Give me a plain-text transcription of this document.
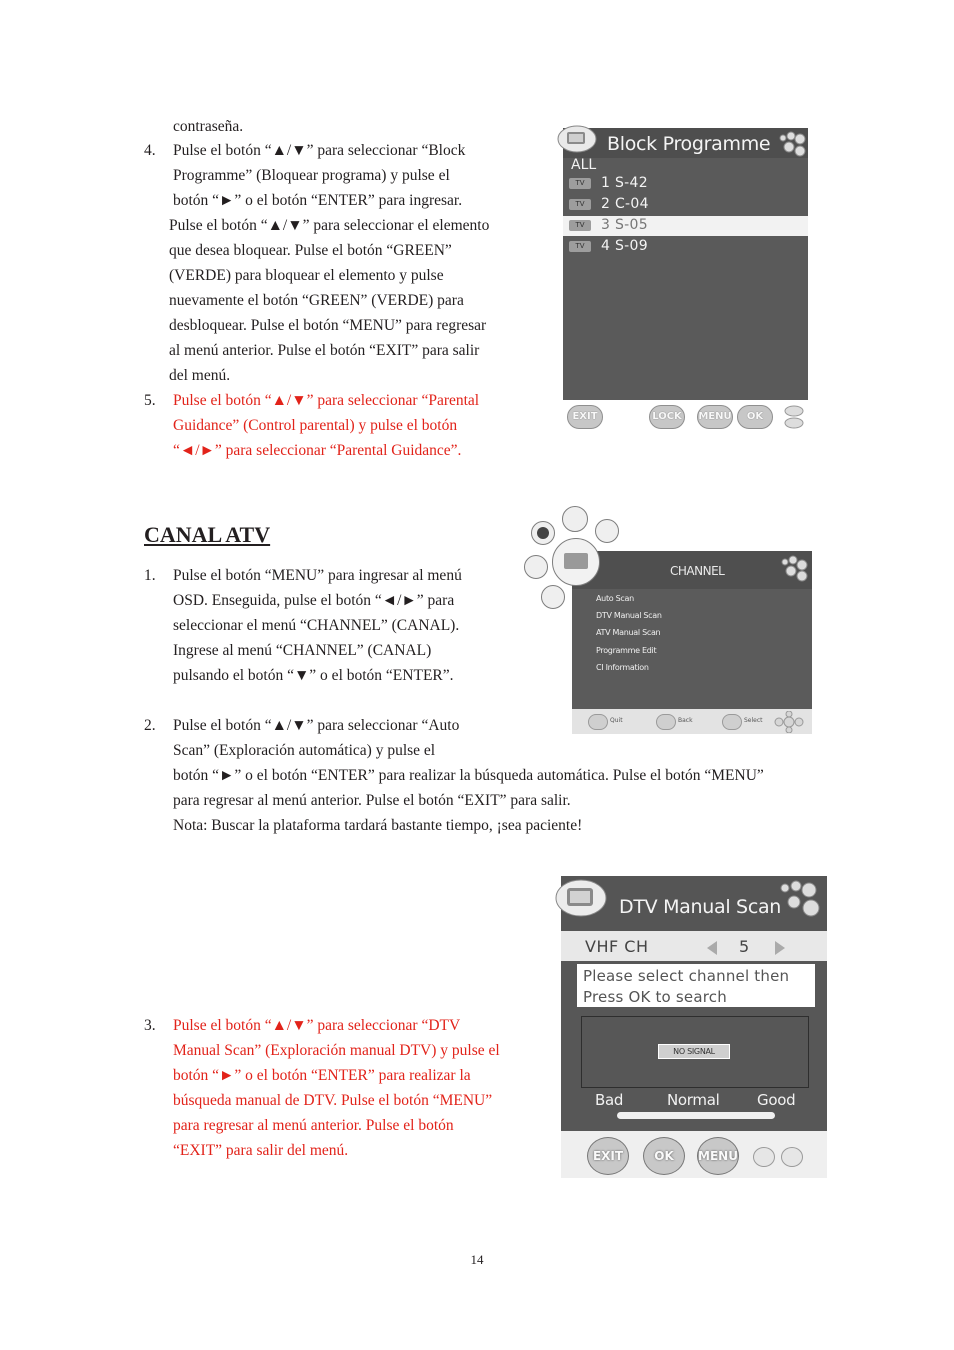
contraseña.
4. Pulse el botón “▲/▼” para seleccionar “Block
Programme” (Bloquear programa) y pulse el
botón “►” o el botón “ENTER” para ingresar.
Pulse el botón “▲/▼” para seleccionar el elemento
que desea bloquear. Pulse el botón “GREEN”
(VERDE) para bloquear el elemento y pulse
nuevamente el botón “GREEN” (VERDE) para
desbloquear. Pulse el botón “MENU” para regresar
al menú anterior. Pulse el botón “EXIT” para salir
del menú.
5. Pulse el botón “▲/▼” para seleccionar “Parental
Guidance” (Control parental) y pulse el botón
“◄/►” para seleccionar “Parental Guidance”.
Block Programme
ALL
TV	1 S-42
TV	2 C-04
TV	3 S-05
TV	4 S-09
EXIT	LOCK	MENU	OK
CANAL ATV
1. Pulse el botón “MENU” para ingresar al menú
OSD. Enseguida, pulse el botón “◄/►” para
seleccionar el menú “CHANNEL” (CANAL).
Ingrese al menú “CHANNEL” (CANAL)
pulsando el botón “▼” o el botón “ENTER”.
2. Pulse el botón “▲/▼” para seleccionar “Auto
Scan” (Exploración automática) y pulse el
botón “►” o el botón “ENTER” para realizar la búsqueda automática. Pulse el botón “MENU”
para regresar al menú anterior. Pulse el botón “EXIT” para salir.
Nota: Buscar la plataforma tardará bastante tiempo, ¡sea paciente!
CHANNEL
Auto Scan
DTV Manual Scan
ATV Manual Scan
Programme Edit
CI Information
Quit	Back	Select
3. Pulse el botón “▲/▼” para seleccionar “DTV
Manual Scan” (Exploración manual DTV) y pulse el
botón “►” o el botón “ENTER” para realizar la
búsqueda manual de DTV. Pulse el botón “MENU”
para regresar al menú anterior. Pulse el botón
“EXIT” para salir del menú.
DTV Manual Scan
VHF CH	5
Please select channel then
Press OK to search
NO SIGNAL
Bad	Normal	Good
EXIT	OK	MENU
14
